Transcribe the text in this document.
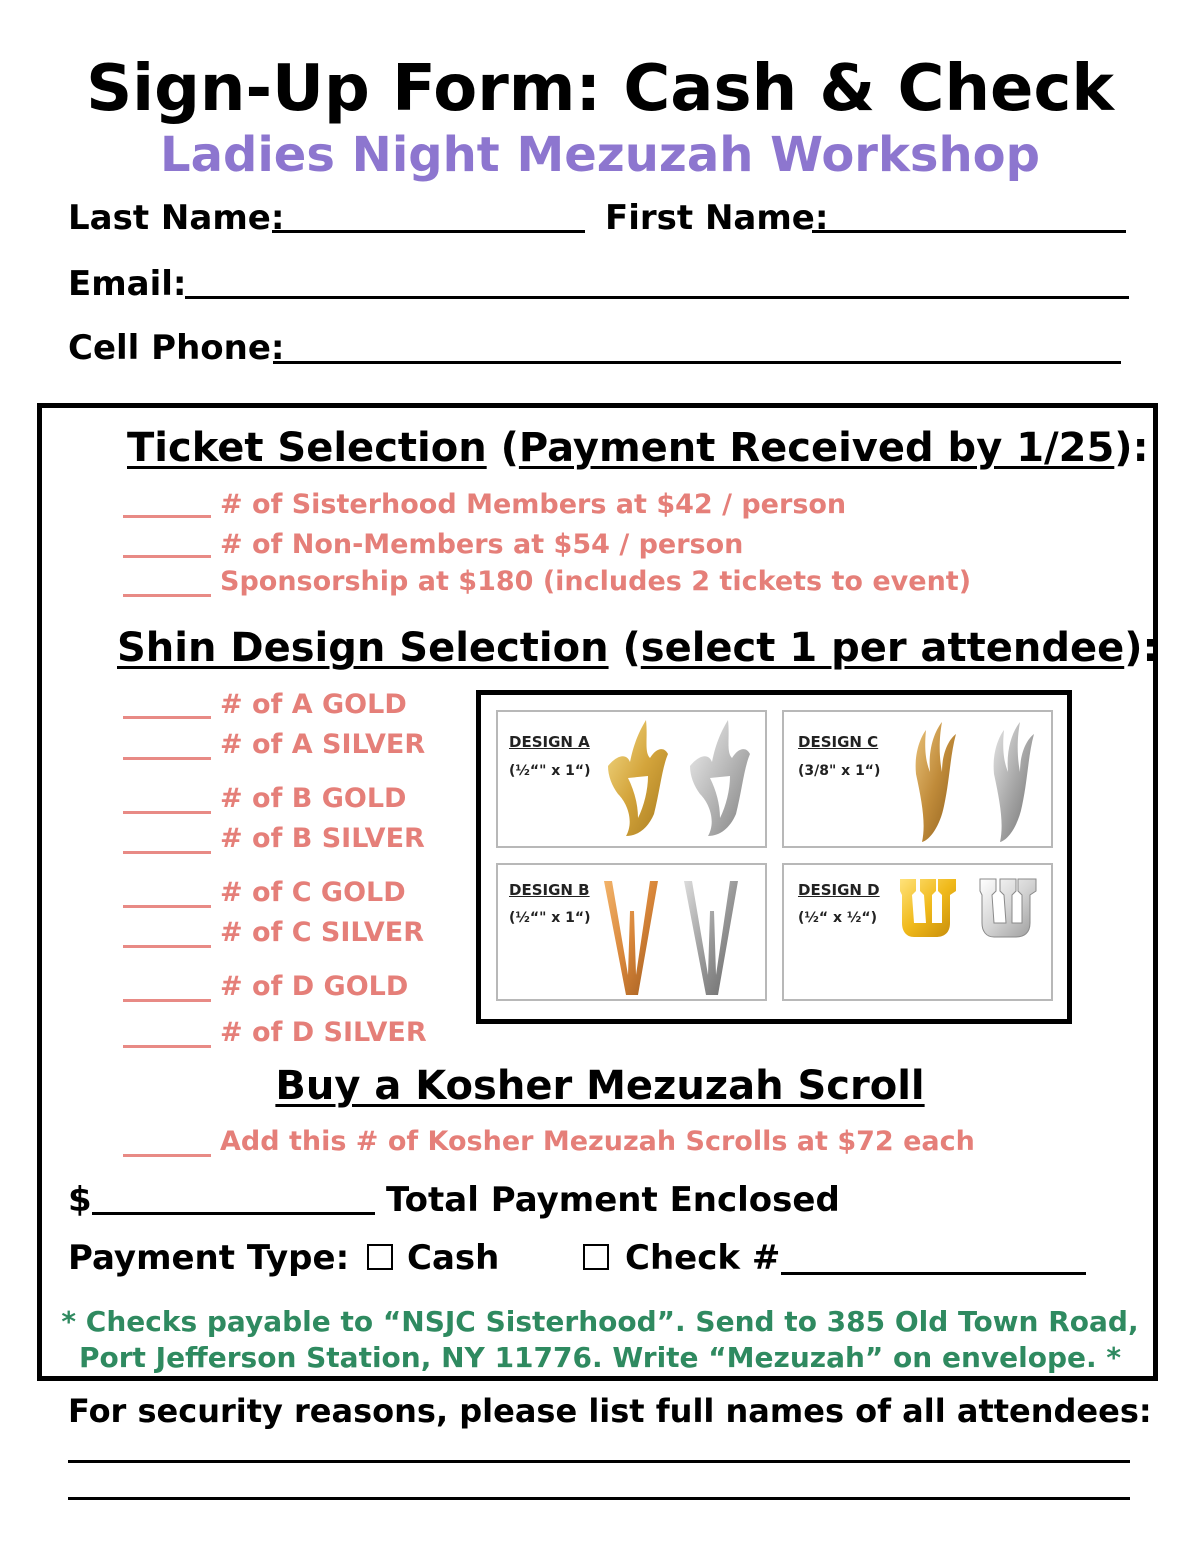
Sign-Up Form: Cash & Check
Ladies Night Mezuzah Workshop
Last Name:	First Name:
Email:
Cell Phone:
Ticket Selection (Payment Received by 1/25):
# of Sisterhood Members at $42 / person
# of Non-Members at $54 / person
Sponsorship at $180 (includes 2 tickets to event)
Shin Design Selection (select 1 per attendee):
# of A GOLD
# of A SILVER
# of B GOLD
# of B SILVER
# of C GOLD
# of C SILVER
# of D GOLD
# of D SILVER
DESIGN A
(½“" x 1“)
DESIGN C
(3/8" x 1“)
DESIGN B
(½“" x 1“)
DESIGN D
(½“ x ½“)
Buy a Kosher Mezuzah Scroll
Add this # of Kosher Mezuzah Scrolls at $72 each
$	Total Payment Enclosed
Payment Type: Cash	Check #
* Checks payable to “NSJC Sisterhood”. Send to 385 Old Town Road,
Port Jefferson Station, NY 11776. Write “Mezuzah” on envelope. *
For security reasons, please list full names of all attendees:
